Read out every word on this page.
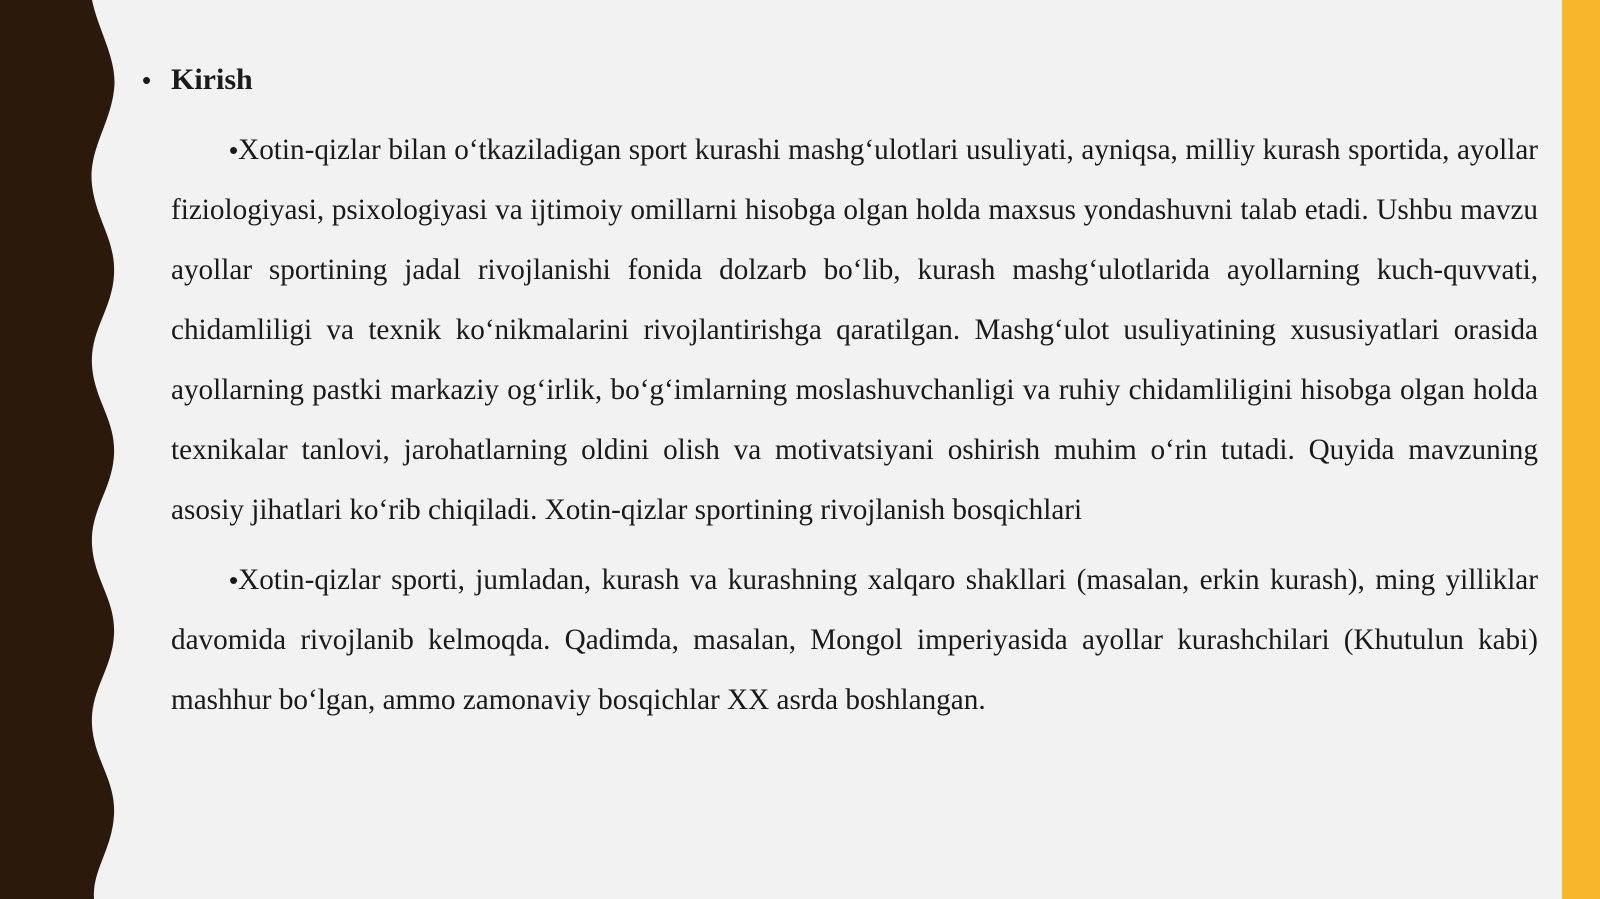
• Kirish

•Xotin-qizlar bilan oʻtkaziladigan sport kurashi mashgʻulotlari usuliyati, ayniqsa, milliy kurash sportida, ayollar fiziologiyasi, psixologiyasi va ijtimoiy omillarni hisobga olgan holda maxsus yondashuvni talab etadi. Ushbu mavzu ayollar sportining jadal rivojlanishi fonida dolzarb boʻlib, kurash mashgʻulotlarida ayollarning kuch-quvvati, chidamliligi va texnik koʻnikmalarini rivojlantirishga qaratilgan. Mashgʻulot usuliyatining xususiyatlari orasida ayollarning pastki markaziy ogʻirlik, boʻgʻimlarning moslashuvchanligi va ruhiy chidamliligini hisobga olgan holda texnikalar tanlovi, jarohatlarning oldini olish va motivatsiyani oshirish muhim oʻrin tutadi. Quyida mavzuning asosiy jihatlari koʻrib chiqiladi. Xotin-qizlar sportining rivojlanish bosqichlari

•Xotin-qizlar sporti, jumladan, kurash va kurashning xalqaro shakllari (masalan, erkin kurash), ming yilliklar davomida rivojlanib kelmoqda. Qadimda, masalan, Mongol imperiyasida ayollar kurashchilari (Khutulun kabi) mashhur boʻlgan, ammo zamonaviy bosqichlar XX asrda boshlangan.
